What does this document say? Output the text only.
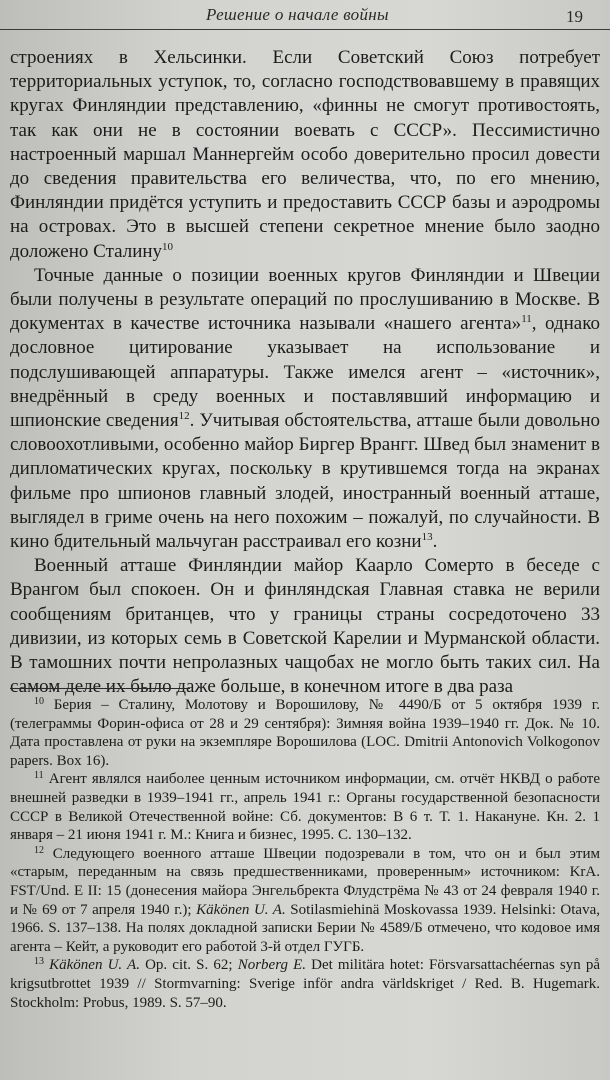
Решение о начале войны	19

строениях в Хельсинки. Если Советский Союз потребует территориальных уступок, то, согласно господствовавшему в правящих кругах Финляндии представлению, «финны не смогут противостоять, так как они не в состоянии воевать с СССР». Пессимистично настроенный маршал Маннергейм особо доверительно просил довести до сведения правительства его величества, что, по его мнению, Финляндии придётся уступить и предоставить СССР базы и аэродромы на островах. Это в высшей степени секретное мнение было заодно доложено Сталину$^{10}$

Точные данные о позиции военных кругов Финляндии и Швеции были получены в результате операций по прослушиванию в Москве. В документах в качестве источника называли «нашего агента»$^{11}$, однако дословное цитирование указывает на использование и подслушивающей аппаратуры. Также имелся агент – «источник», внедрённый в среду военных и поставлявший информацию и шпионские сведения$^{12}$. Учитывая обстоятельства, атташе были довольно словоохотливыми, особенно майор Биргер Врангг. Швед был знаменит в дипломатических кругах, поскольку в крутившемся тогда на экранах фильме про шпионов главный злодей, иностранный военный атташе, выглядел в гриме очень на него похожим – пожалуй, по случайности. В кино бдительный мальчуган расстраивал его козни$^{13}$.

Военный атташе Финляндии майор Каарло Сомерто в беседе с Врангом был спокоен. Он и финляндская Главная ставка не верили сообщениям британцев, что у границы страны сосредоточено 33 дивизии, из которых семь в Советской Карелии и Мурманской области. В тамошних почти непролазных чащобах не могло быть таких сил. На самом деле их было даже больше, в конечном итоге в два раза

$^{10}$ Берия – Сталину, Молотову и Ворошилову, № 4490/Б от 5 октября 1939 г. (телеграммы Форин-офиса от 28 и 29 сентября): Зимняя война 1939–1940 гг. Док. № 10. Дата проставлена от руки на экземпляре Ворошилова (LOC. Dmitrii Antonovich Volkogonov papers. Box 16).

$^{11}$ Агент являлся наиболее ценным источником информации, см. отчёт НКВД о работе внешней разведки в 1939–1941 гг., апрель 1941 г.: Органы государственной безопасности СССР в Великой Отечественной войне: Сб. документов: В 6 т. Т. 1. Накануне. Кн. 2. 1 января – 21 июня 1941 г. М.: Книга и бизнес, 1995. С. 130–132.

$^{12}$ Следующего военного атташе Швеции подозревали в том, что он и был этим «старым, переданным на связь предшественниками, проверенным» источником: KrA. FST/Und. E II: 15 (донесения майора Энгельбректа Флудстрёма № 43 от 24 февраля 1940 г. и № 69 от 7 апреля 1940 г.); Käkönen U. A. Sotilasmiehinä Moskovassa 1939. Helsinki: Otava, 1966. S. 137–138. На полях докладной записки Берии № 4589/Б отмечено, что кодовое имя агента – Кейт, а руководит его работой 3-й отдел ГУГБ.

$^{13}$ Käkönen U. A. Op. cit. S. 62; Norberg E. Det militära hotet: Försvarsattachéernas syn på krigsutbrottet 1939 // Stormvarning: Sverige inför andra världskriget / Red. B. Hugemark. Stockholm: Probus, 1989. S. 57–90.
